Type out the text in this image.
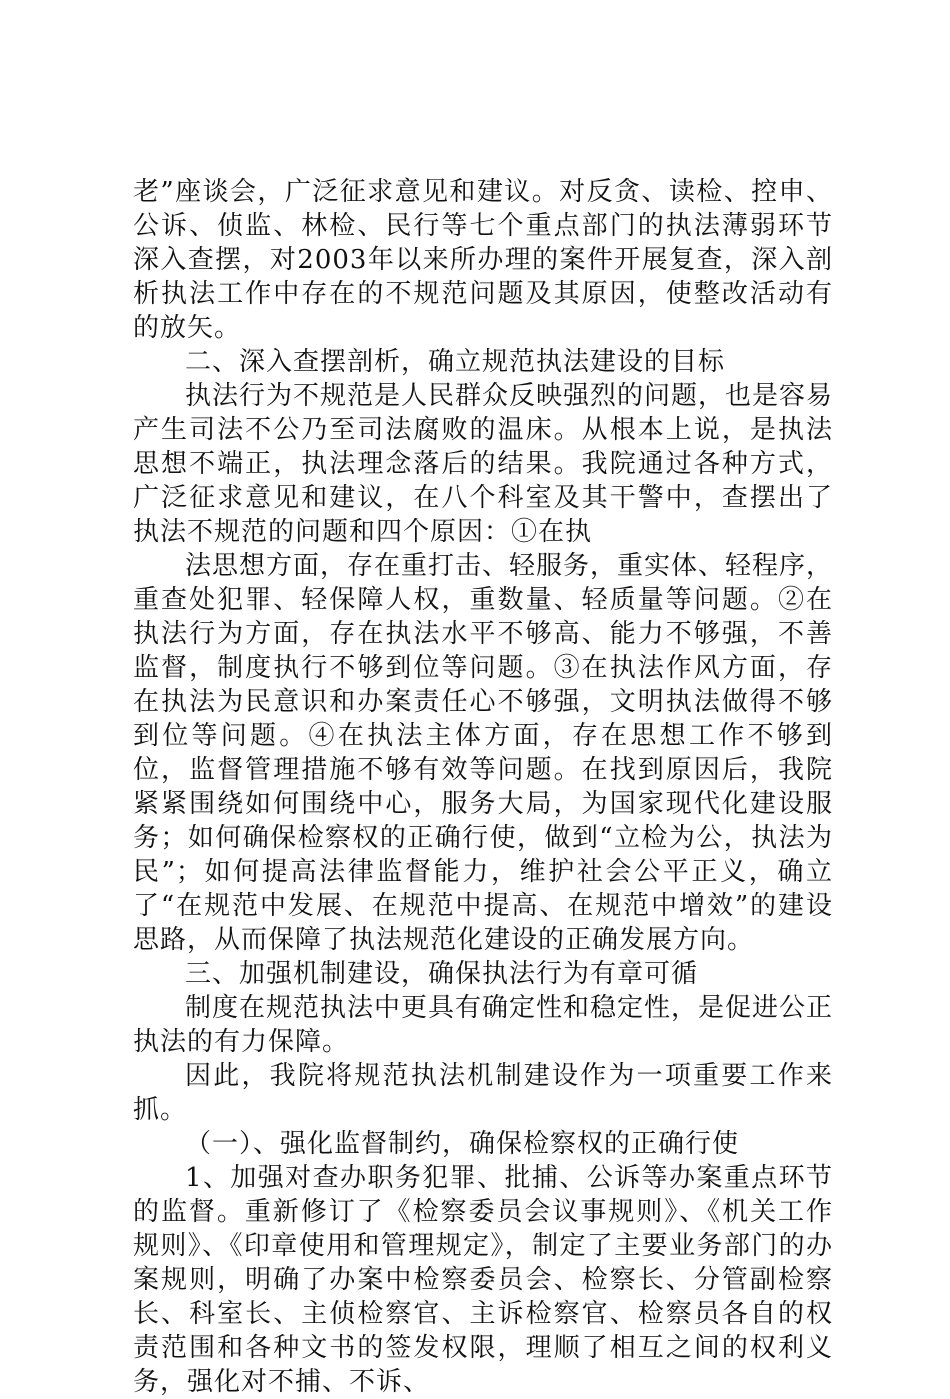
老”座谈会，广泛征求意见和建议。对反贪、读检、控申、公诉、侦监、林检、民行等七个重点部门的执法薄弱环节深入查摆，对2003年以来所办理的案件开展复查，深入剖析执法工作中存在的不规范问题及其原因，使整改活动有的放矢。

二、深入查摆剖析，确立规范执法建设的目标

执法行为不规范是人民群众反映强烈的问题，也是容易产生司法不公乃至司法腐败的温床。从根本上说，是执法思想不端正，执法理念落后的结果。我院通过各种方式，广泛征求意见和建议，在八个科室及其干警中，查摆出了执法不规范的问题和四个原因：①在执

法思想方面，存在重打击、轻服务，重实体、轻程序，重查处犯罪、轻保障人权，重数量、轻质量等问题。②在执法行为方面，存在执法水平不够高、能力不够强，不善监督，制度执行不够到位等问题。③在执法作风方面，存在执法为民意识和办案责任心不够强，文明执法做得不够到位等问题。④在执法主体方面，存在思想工作不够到位，监督管理措施不够有效等问题。在找到原因后，我院紧紧围绕如何围绕中心，服务大局，为国家现代化建设服务；如何确保检察权的正确行使，做到“立检为公，执法为民”；如何提高法律监督能力，维护社会公平正义，确立了“在规范中发展、在规范中提高、在规范中增效”的建设思路，从而保障了执法规范化建设的正确发展方向。

三、加强机制建设，确保执法行为有章可循

制度在规范执法中更具有确定性和稳定性，是促进公正执法的有力保障。

因此，我院将规范执法机制建设作为一项重要工作来抓。

（一）、强化监督制约，确保检察权的正确行使

1、加强对查办职务犯罪、批捕、公诉等办案重点环节的监督。重新修订了《检察委员会议事规则》、《机关工作规则》、《印章使用和管理规定》，制定了主要业务部门的办案规则，明确了办案中检察委员会、检察长、分管副检察长、科室长、主侦检察官、主诉检察官、检察员各自的权责范围和各种文书的签发权限，理顺了相互之间的权利义务，强化对不捕、不诉、
